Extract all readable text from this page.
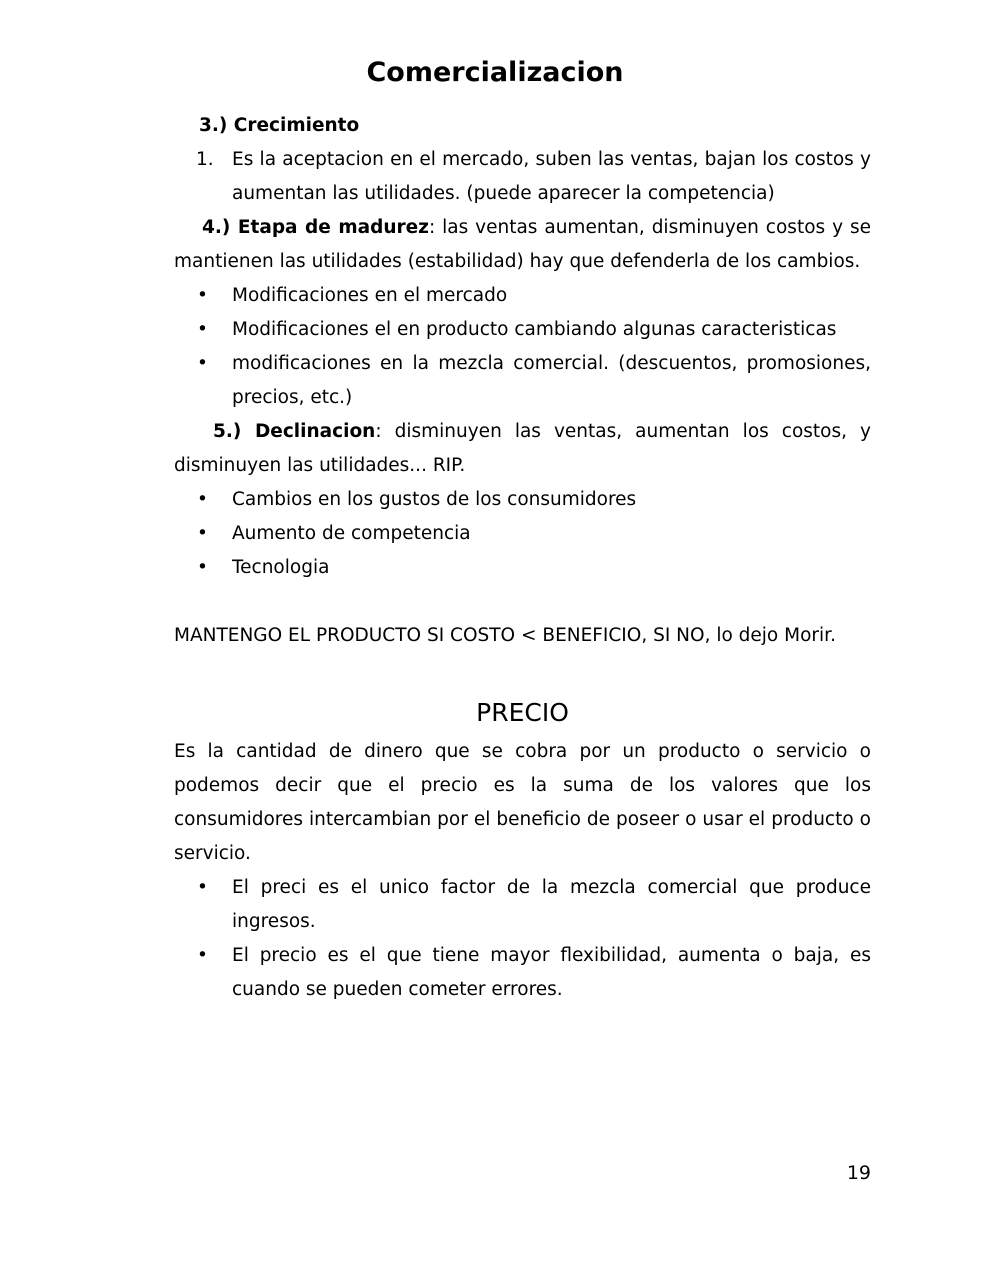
Comercializacion

3.) Crecimiento

1. Es la aceptacion en el mercado, suben las ventas, bajan los costos y aumentan las utilidades. (puede aparecer la competencia)

4.) Etapa de madurez: las ventas aumentan, disminuyen costos y se mantienen las utilidades (estabilidad) hay que defenderla de los cambios.

• Modificaciones en el mercado
• Modificaciones el en producto cambiando algunas caracteristicas
• modificaciones en la mezcla comercial. (descuentos, promosiones, precios, etc.)

5.) Declinacion: disminuyen las ventas, aumentan los costos, y disminuyen las utilidades... RIP.

• Cambios en los gustos de los consumidores
• Aumento de competencia
• Tecnologia

MANTENGO EL PRODUCTO SI COSTO < BENEFICIO, SI NO, lo dejo Morir.

PRECIO

Es la cantidad de dinero que se cobra por un producto o servicio o podemos decir que el precio es la suma de los valores que los consumidores intercambian por el beneficio de poseer o usar el producto o servicio.

• El preci es el unico factor de la mezcla comercial que produce ingresos.
• El precio es el que tiene mayor flexibilidad, aumenta o baja, es cuando se pueden cometer errores.
19
